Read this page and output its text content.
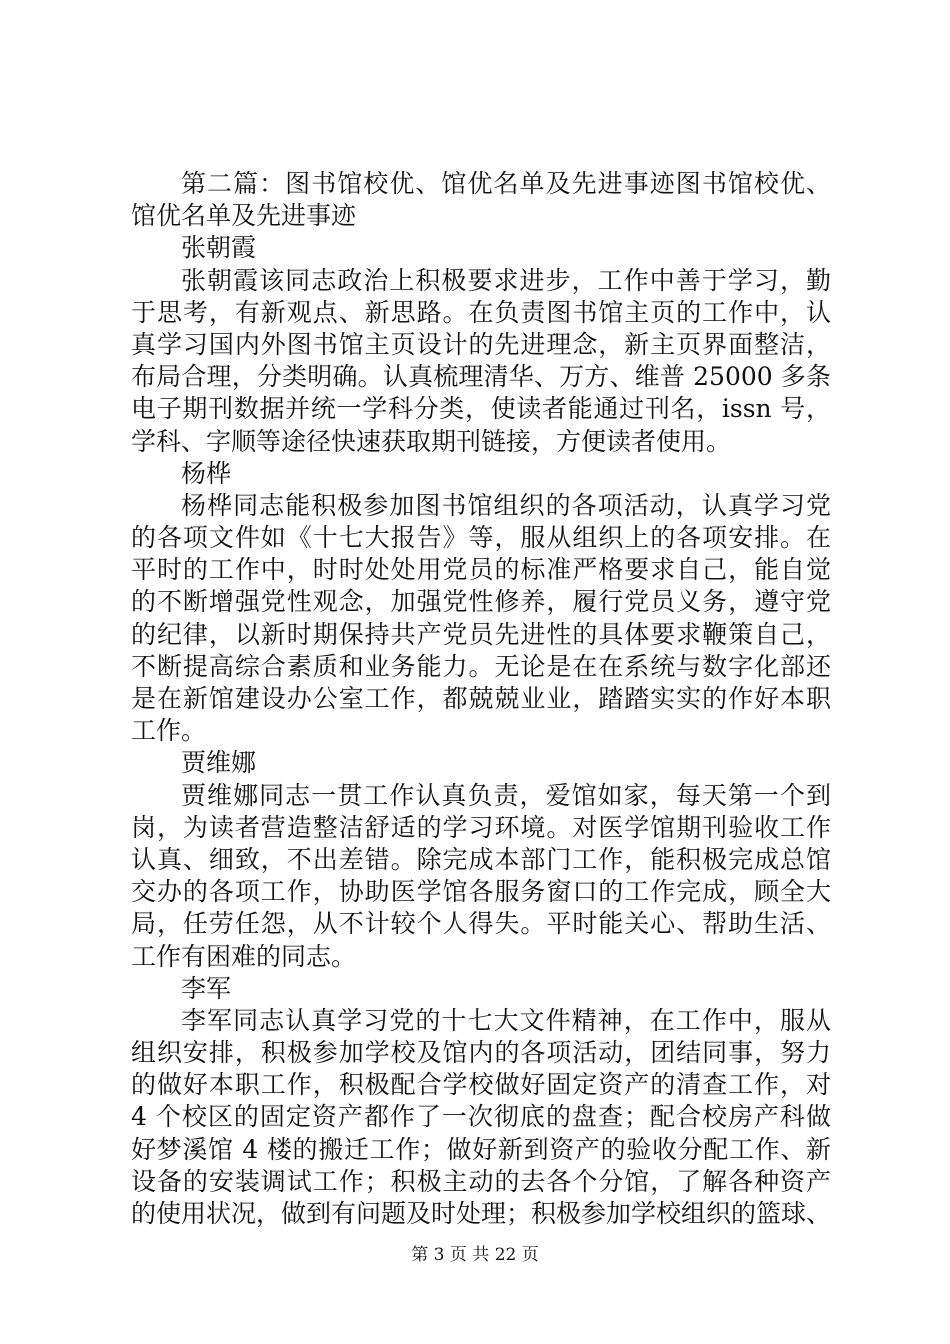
第二篇：图书馆校优、馆优名单及先进事迹图书馆校优、
馆优名单及先进事迹
张朝霞
张朝霞该同志政治上积极要求进步，工作中善于学习，勤
于思考，有新观点、新思路。在负责图书馆主页的工作中，认
真学习国内外图书馆主页设计的先进理念，新主页界面整洁，
布局合理，分类明确。认真梳理清华、万方、维普 25000 多条
电子期刊数据并统一学科分类，使读者能通过刊名，issn 号，
学科、字顺等途径快速获取期刊链接，方便读者使用。
杨桦
杨桦同志能积极参加图书馆组织的各项活动，认真学习党
的各项文件如《十七大报告》等，服从组织上的各项安排。在
平时的工作中，时时处处用党员的标准严格要求自己，能自觉
的不断增强党性观念，加强党性修养，履行党员义务，遵守党
的纪律，以新时期保持共产党员先进性的具体要求鞭策自己，
不断提高综合素质和业务能力。无论是在在系统与数字化部还
是在新馆建设办公室工作，都兢兢业业，踏踏实实的作好本职
工作。
贾维娜
贾维娜同志一贯工作认真负责，爱馆如家，每天第一个到
岗，为读者营造整洁舒适的学习环境。对医学馆期刊验收工作
认真、细致，不出差错。除完成本部门工作，能积极完成总馆
交办的各项工作，协助医学馆各服务窗口的工作完成，顾全大
局，任劳任怨，从不计较个人得失。平时能关心、帮助生活、
工作有困难的同志。
李军
李军同志认真学习党的十七大文件精神，在工作中，服从
组织安排，积极参加学校及馆内的各项活动，团结同事，努力
的做好本职工作，积极配合学校做好固定资产的清查工作，对
4 个校区的固定资产都作了一次彻底的盘查；配合校房产科做
好梦溪馆 4 楼的搬迁工作；做好新到资产的验收分配工作、新
设备的安装调试工作；积极主动的去各个分馆，了解各种资产
的使用状况，做到有问题及时处理；积极参加学校组织的篮球、
第 3 页 共 22 页
